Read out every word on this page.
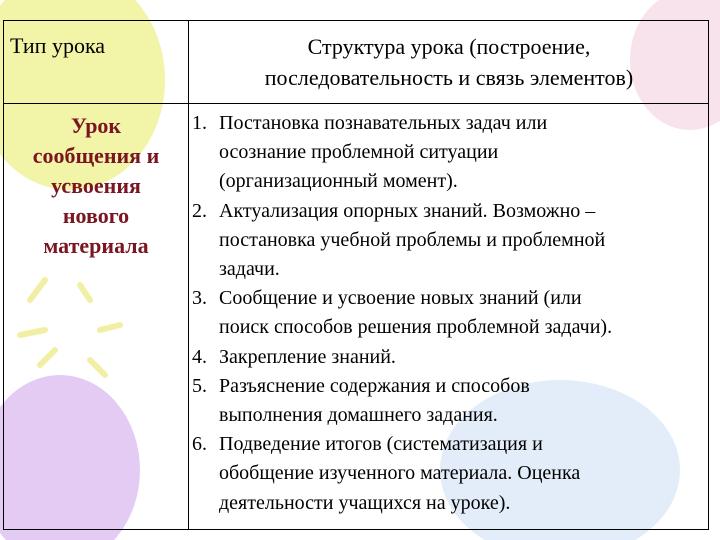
Тип урока	Структура урока (построение,
последовательность и связь элементов)
Урок
сообщения и
усвоения
нового
материала
1. Постановка познавательных задач или
осознание проблемной ситуации
(организационный момент).
2. Актуализация опорных знаний. Возможно –
постановка учебной проблемы и проблемной
задачи.
3. Сообщение и усвоение новых знаний (или
поиск способов решения проблемной задачи).
4. Закрепление знаний.
5. Разъяснение содержания и способов
выполнения домашнего задания.
6. Подведение итогов (систематизация и
обобщение изученного материала. Оценка
деятельности учащихся на уроке).
